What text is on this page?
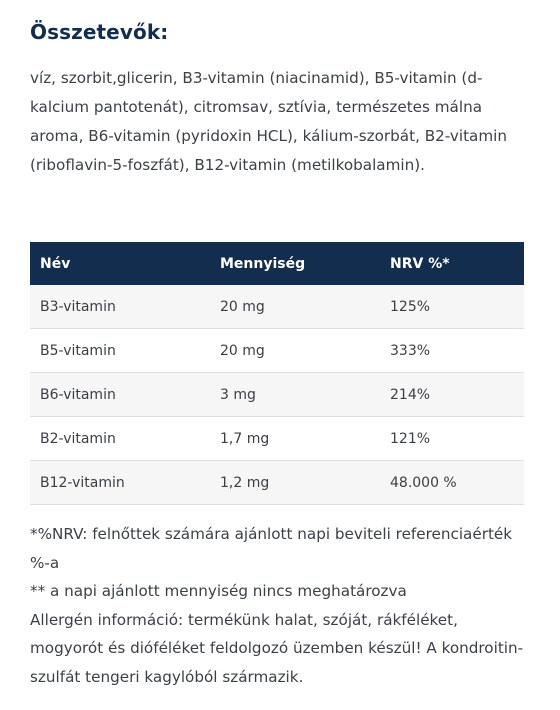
Összetevők:

víz, szorbit,glicerin, B3-vitamin (niacinamid), B5-vitamin (d-kalcium pantotenát), citromsav, sztívia, természetes málna aroma, B6-vitamin (pyridoxin HCL), kálium-szorbát, B2-vitamin (riboflavin-5-foszfát), B12-vitamin (metilkobalamin).

Név	Mennyiség	NRV %*
B3-vitamin	20 mg	125%
B5-vitamin	20 mg	333%
B6-vitamin	3 mg	214%
B2-vitamin	1,7 mg	121%
B12-vitamin	1,2 mg	48.000 %

*%NRV: felnőttek számára ajánlott napi beviteli referenciaérték %-a

** a napi ajánlott mennyiség nincs meghatározva

Allergén információ: termékünk halat, szóját, rákféléket, mogyorót és dióféléket feldolgozó üzemben készül! A kondroitin-szulfát tengeri kagylóból származik.
